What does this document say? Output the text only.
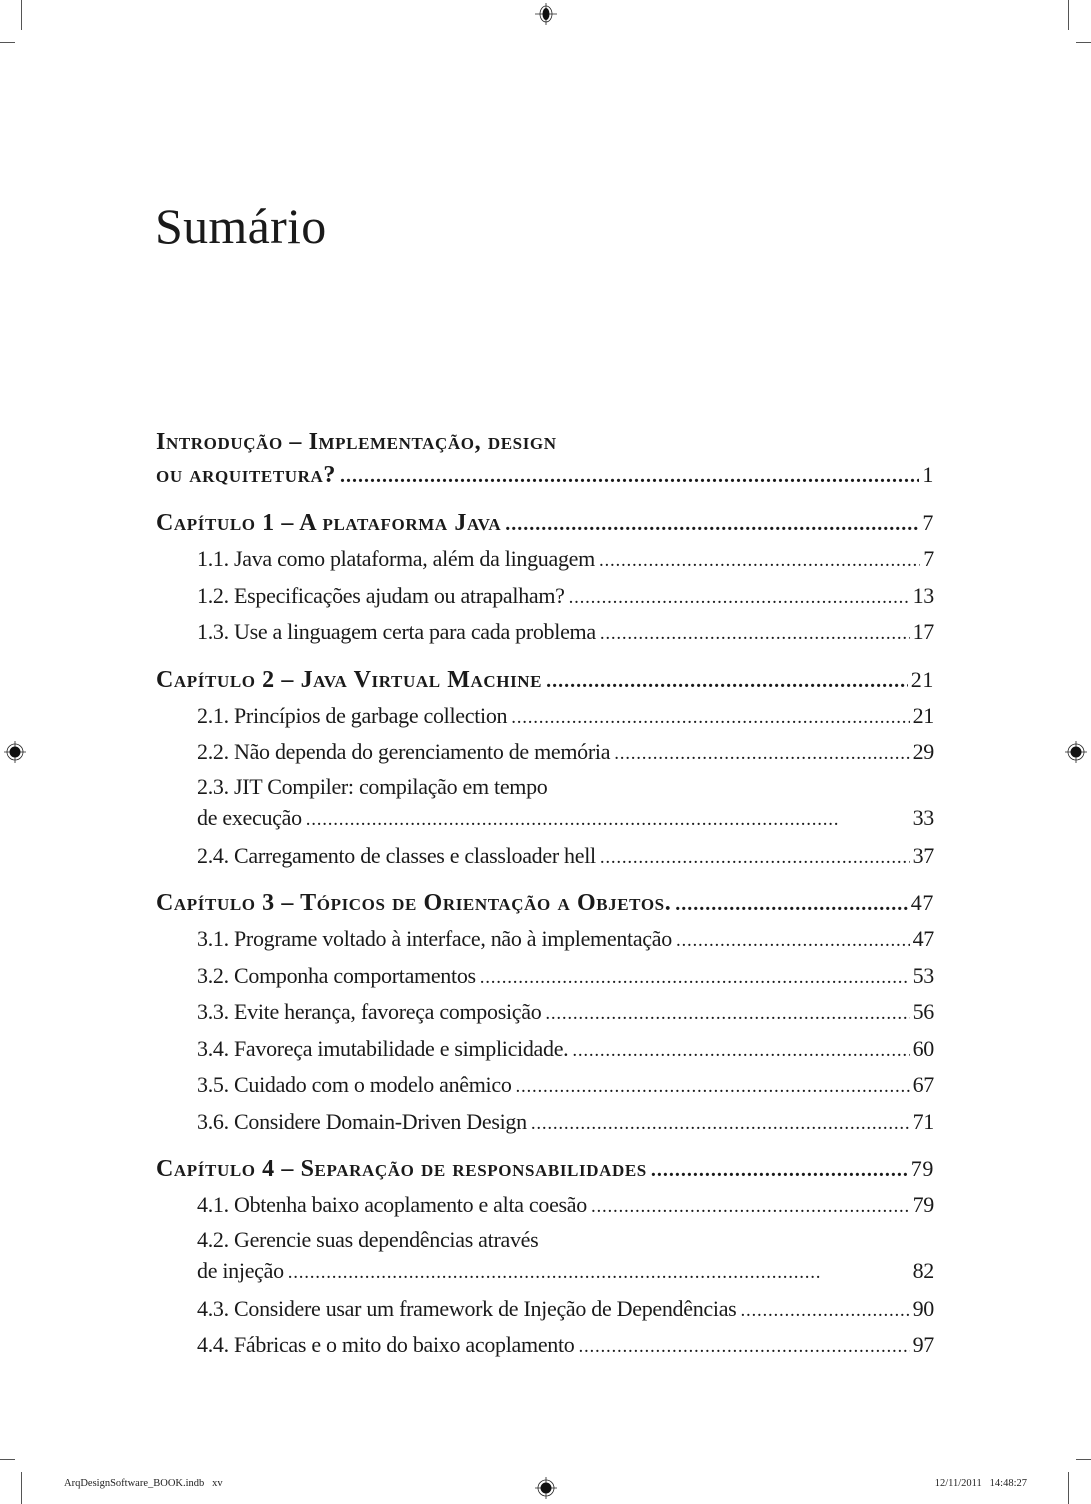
Sumário
Introdução – Implementação, design
ou arquitetura? . . .	1
Capítulo 1 – A plataforma Java . . .	7
1.1. Java como plataforma, além da linguagem . . .	7
1.2. Especificações ajudam ou atrapalham? . . .	13
1.3. Use a linguagem certa para cada problema . . .	17
Capítulo 2 – Java Virtual Machine . . .	21
2.1. Princípios de garbage collection . . .	21
2.2. Não dependa do gerenciamento de memória . . .	29
2.3. JIT Compiler: compilação em tempo
de execução . . .	33
2.4. Carregamento de classes e classloader hell . . .	37
Capítulo 3 – Tópicos de Orientação a Objetos. . . .	47
3.1. Programe voltado à interface, não à implementação . . .	47
3.2. Componha comportamentos . . .	53
3.3. Evite herança, favoreça composição . . .	56
3.4. Favoreça imutabilidade e simplicidade. . . .	60
3.5. Cuidado com o modelo anêmico . . .	67
3.6. Considere Domain-Driven Design . . .	71
Capítulo 4 – Separação de responsabilidades . . .	79
4.1. Obtenha baixo acoplamento e alta coesão . . .	79
4.2. Gerencie suas dependências através
de injeção . . .	82
4.3. Considere usar um framework de Injeção de Dependências . . .	90
4.4. Fábricas e o mito do baixo acoplamento . . .	97
ArqDesignSoftware_BOOK.indb   xv	12/11/2011   14:48:27
